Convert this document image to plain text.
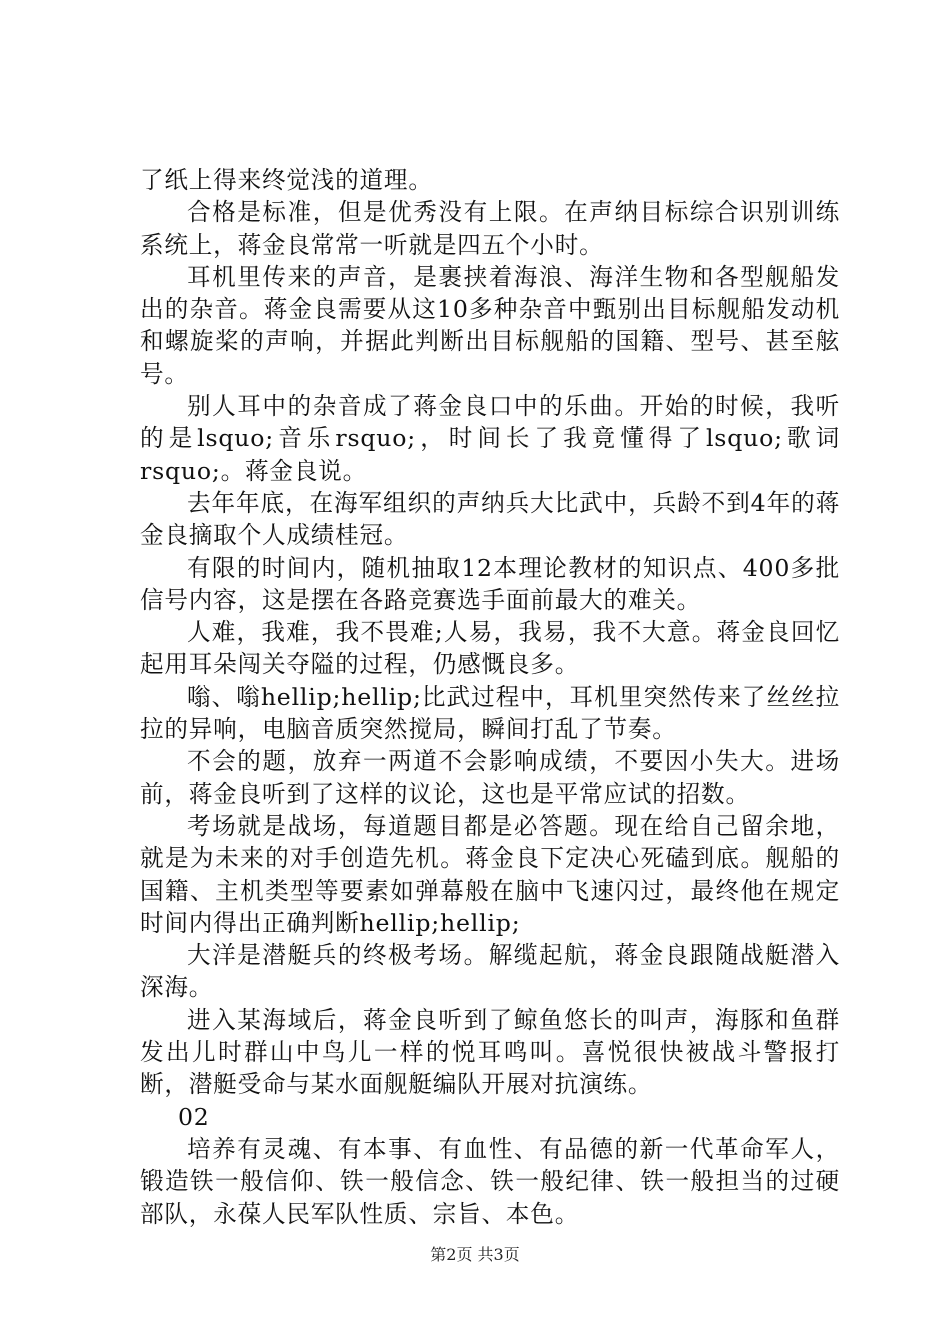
了纸上得来终觉浅的道理。

合格是标准，但是优秀没有上限。在声纳目标综合识别训练系统上，蒋金良常常一听就是四五个小时。

耳机里传来的声音，是裹挟着海浪、海洋生物和各型舰船发出的杂音。蒋金良需要从这10多种杂音中甄别出目标舰船发动机和螺旋桨的声响，并据此判断出目标舰船的国籍、型号、甚至舷号。

别人耳中的杂音成了蒋金良口中的乐曲。开始的时候，我听的是lsquo;音乐rsquo;，时间长了我竟懂得了lsquo;歌词rsquo;。蒋金良说。

去年年底，在海军组织的声纳兵大比武中，兵龄不到4年的蒋金良摘取个人成绩桂冠。

有限的时间内，随机抽取12本理论教材的知识点、400多批信号内容，这是摆在各路竞赛选手面前最大的难关。

人难，我难，我不畏难;人易，我易，我不大意。蒋金良回忆起用耳朵闯关夺隘的过程，仍感慨良多。

嗡、嗡hellip;hellip;比武过程中，耳机里突然传来了丝丝拉拉的异响，电脑音质突然搅局，瞬间打乱了节奏。

不会的题，放弃一两道不会影响成绩，不要因小失大。进场前，蒋金良听到了这样的议论，这也是平常应试的招数。

考场就是战场，每道题目都是必答题。现在给自己留余地，就是为未来的对手创造先机。蒋金良下定决心死磕到底。舰船的国籍、主机类型等要素如弹幕般在脑中飞速闪过，最终他在规定时间内得出正确判断hellip;hellip;

大洋是潜艇兵的终极考场。解缆起航，蒋金良跟随战艇潜入深海。

进入某海域后，蒋金良听到了鲸鱼悠长的叫声，海豚和鱼群发出儿时群山中鸟儿一样的悦耳鸣叫。喜悦很快被战斗警报打断，潜艇受命与某水面舰艇编队开展对抗演练。

02

培养有灵魂、有本事、有血性、有品德的新一代革命军人，锻造铁一般信仰、铁一般信念、铁一般纪律、铁一般担当的过硬部队，永葆人民军队性质、宗旨、本色。

第2页 共3页
